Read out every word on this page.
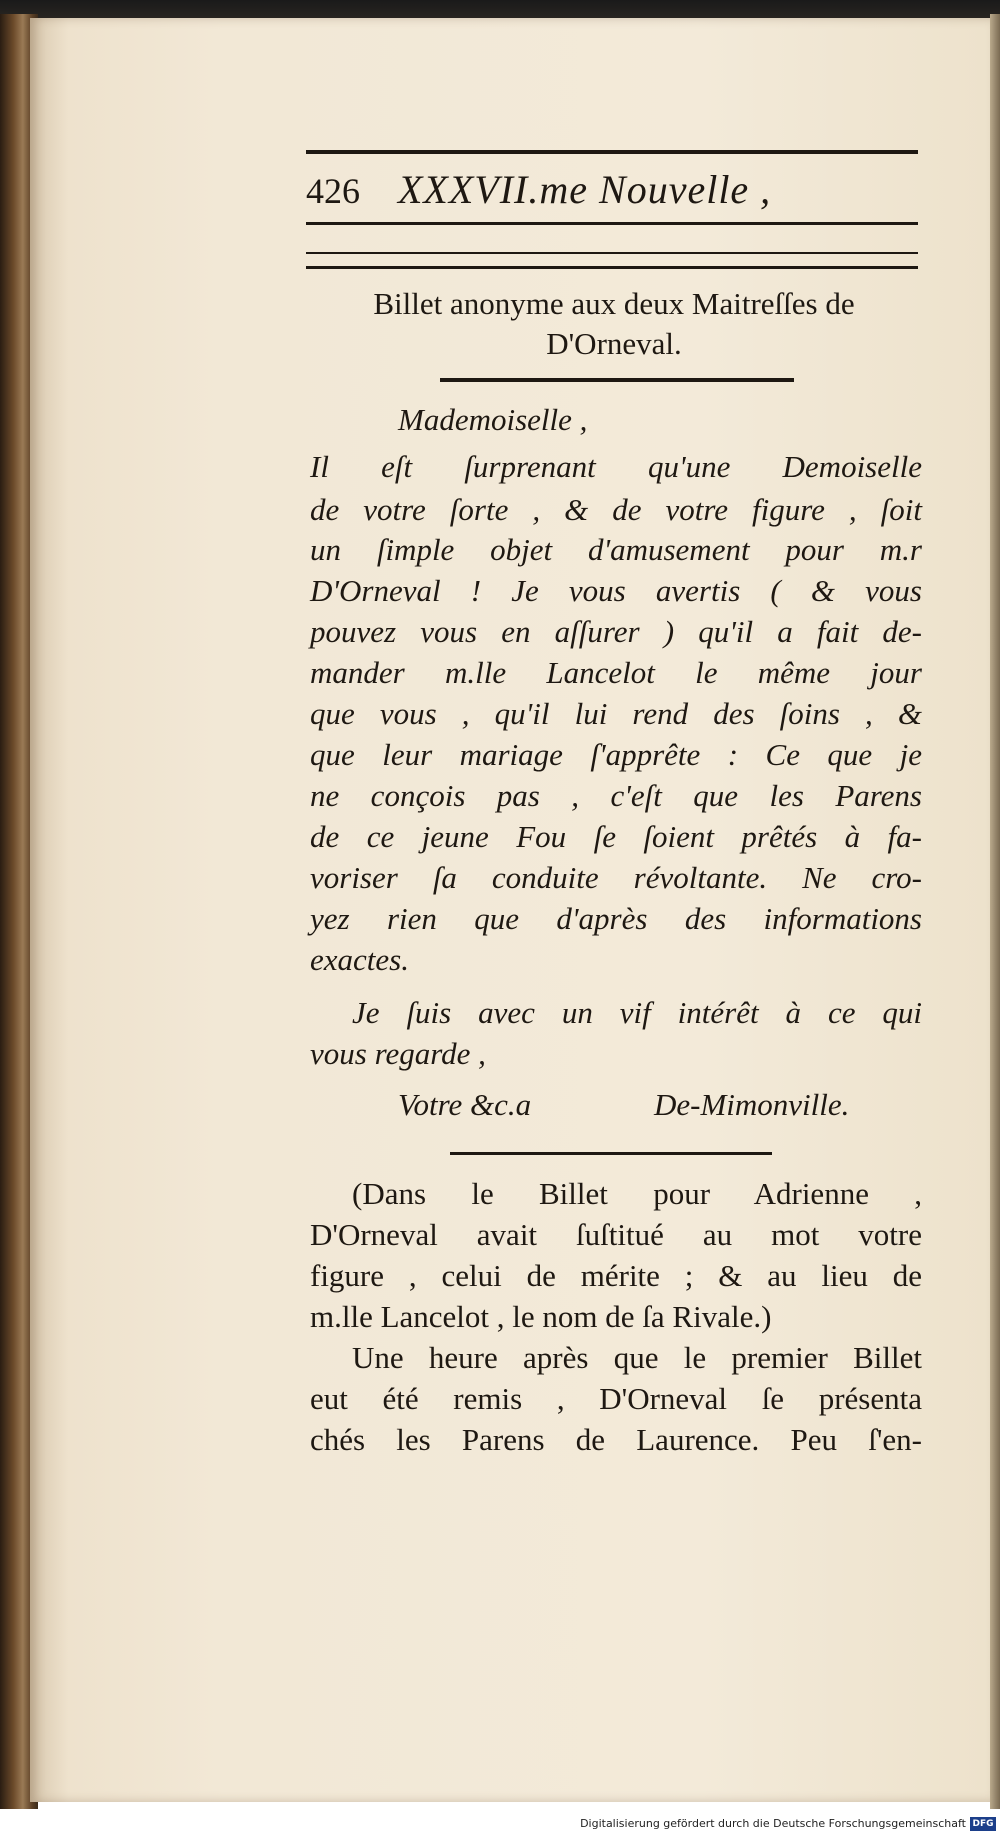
426 XXXVII.me Nouvelle ,
Billet anonyme aux deux Maitreſſes de
D'Orneval.
Mademoiselle ,
Il eſt ſurprenant qu'une Demoiselle
de votre ſorte , & de votre figure , ſoit
un ſimple objet d'amusement pour m.r
D'Orneval ! Je vous avertis ( & vous
pouvez vous en aſſurer ) qu'il a fait de-
mander m.lle Lancelot le même jour
que vous , qu'il lui rend des ſoins , &
que leur mariage ſ'apprête : Ce que je
ne conçois pas , c'eſt que les Parens
de ce jeune Fou ſe ſoient prêtés à fa-
voriser ſa conduite révoltante. Ne cro-
yez rien que d'après des informations
exactes.
Je ſuis avec un vif intérêt à ce qui
vous regarde ,
Votre &c.a	De-Mimonville.
(Dans le Billet pour Adrienne ,
D'Orneval avait ſuſtitué au mot votre
figure , celui de mérite ; & au lieu de
m.lle Lancelot , le nom de ſa Rivale.)
Une heure après que le premier Billet
eut été remis , D'Orneval ſe présenta
chés les Parens de Laurence. Peu ſ'en-
Digitalisierung gefördert durch die Deutsche Forschungsgemeinschaft DFG
